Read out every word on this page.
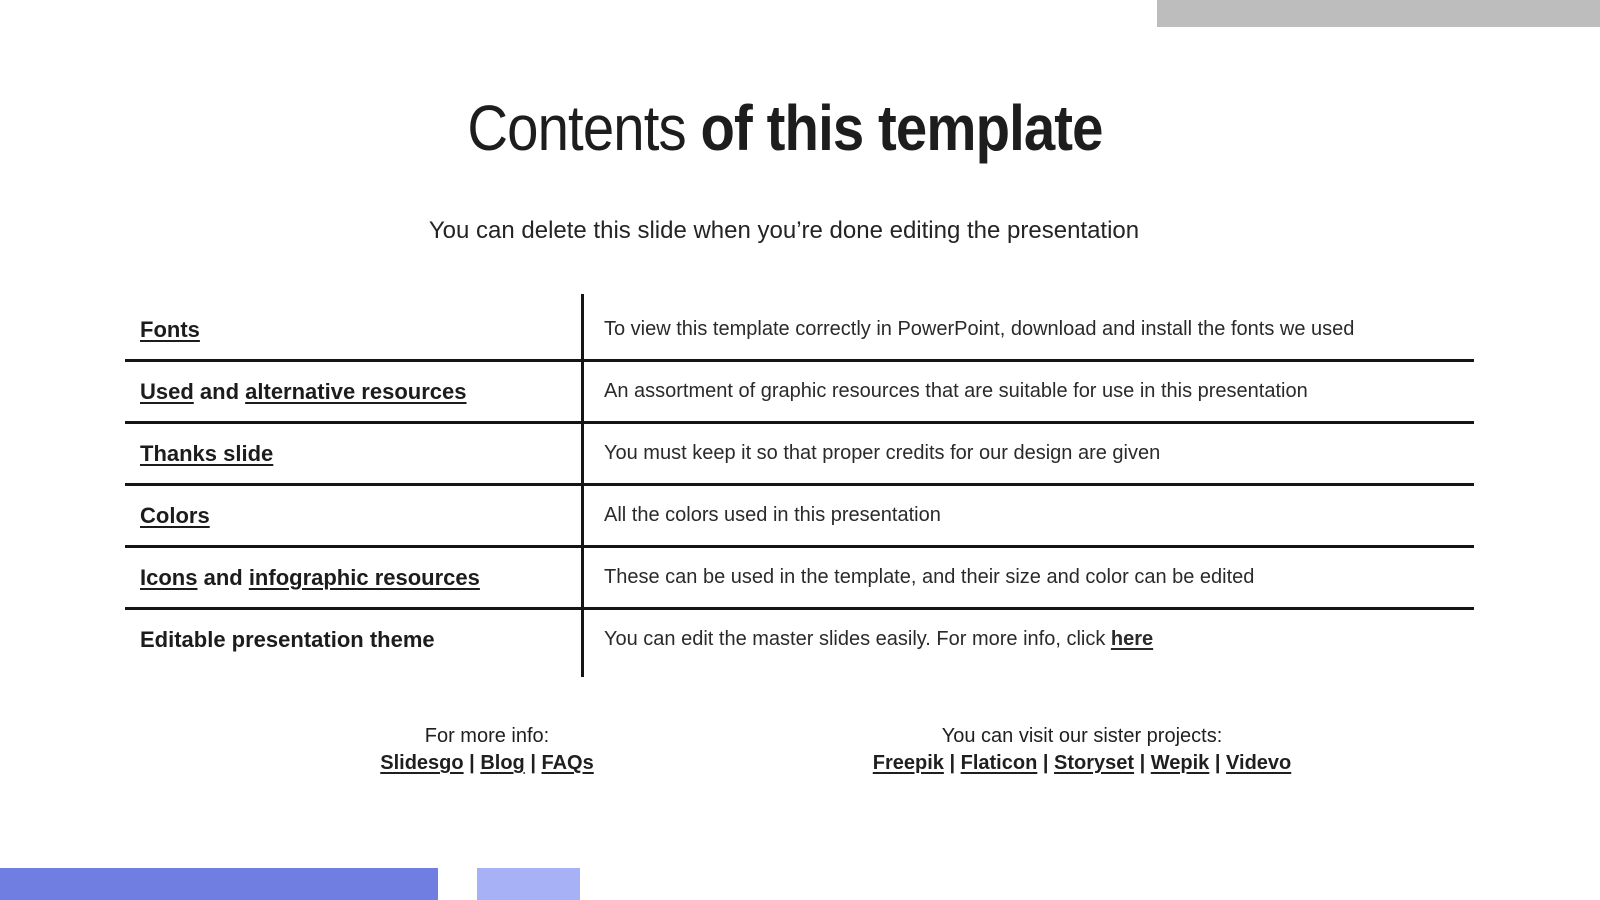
Contents of this template
You can delete this slide when you’re done editing the presentation
Fonts	To view this template correctly in PowerPoint, download and install the fonts we used
Used and alternative resources	An assortment of graphic resources that are suitable for use in this presentation
Thanks slide	You must keep it so that proper credits for our design are given
Colors	All the colors used in this presentation
Icons and infographic resources	These can be used in the template, and their size and color can be edited
Editable presentation theme	You can edit the master slides easily. For more info, click here
For more info:
Slidesgo | Blog | FAQs
You can visit our sister projects:
Freepik | Flaticon | Storyset | Wepik | Videvo
